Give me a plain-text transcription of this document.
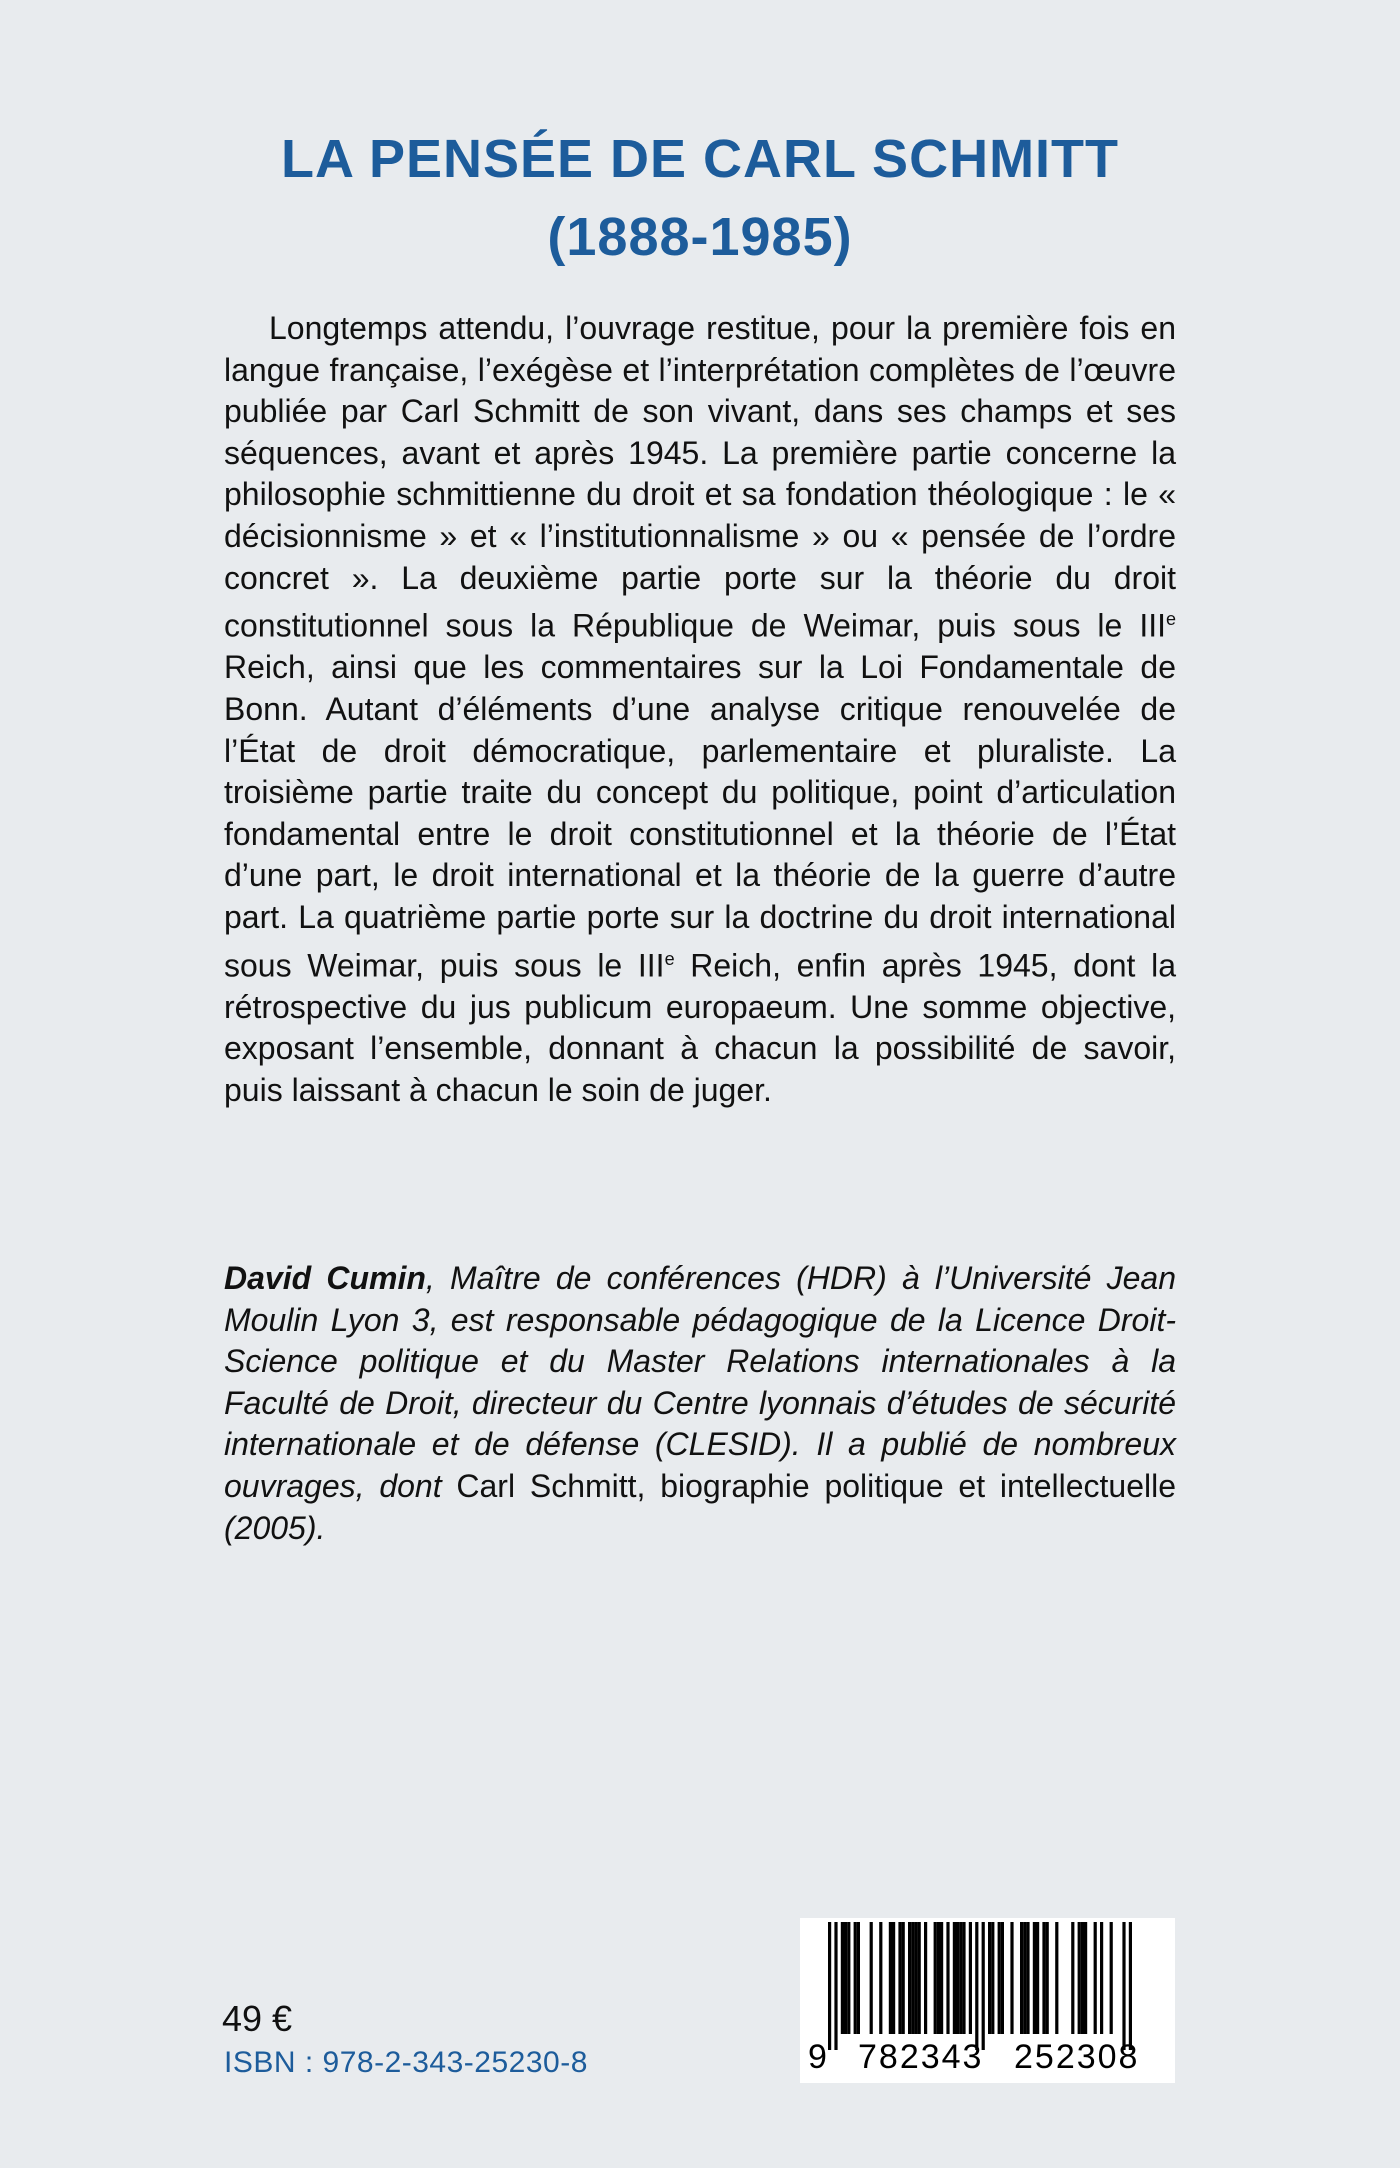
LA PENSÉE DE CARL SCHMITT
(1888-1985)

Longtemps attendu, l’ouvrage restitue, pour la première fois en langue française, l’exégèse et l’interprétation complètes de l’œuvre publiée par Carl Schmitt de son vivant, dans ses champs et ses séquences, avant et après 1945. La première partie concerne la philosophie schmittienne du droit et sa fondation théologique : le « décisionnisme » et « l’institutionnalisme » ou « pensée de l’ordre concret ». La deuxième partie porte sur la théorie du droit constitutionnel sous la République de Weimar, puis sous le IIIe Reich, ainsi que les commentaires sur la Loi Fondamentale de Bonn. Autant d’éléments d’une analyse critique renouvelée de l’État de droit démocratique, parlementaire et pluraliste. La troisième partie traite du concept du politique, point d’articulation fondamental entre le droit constitutionnel et la théorie de l’État d’une part, le droit international et la théorie de la guerre d’autre part. La quatrième partie porte sur la doctrine du droit international sous Weimar, puis sous le IIIe Reich, enfin après 1945, dont la rétrospective du jus publicum europaeum. Une somme objective, exposant l’ensemble, donnant à chacun la possibilité de savoir, puis laissant à chacun le soin de juger.

David Cumin, Maître de conférences (HDR) à l’Université Jean Moulin Lyon 3, est responsable pédagogique de la Licence Droit-Science politique et du Master Relations internationales à la Faculté de Droit, directeur du Centre lyonnais d’études de sécurité internationale et de défense (CLESID). Il a publié de nombreux ouvrages, dont Carl Schmitt, biographie politique et intellectuelle (2005).

49 €
ISBN : 978-2-343-25230-8	9 782343 252308
